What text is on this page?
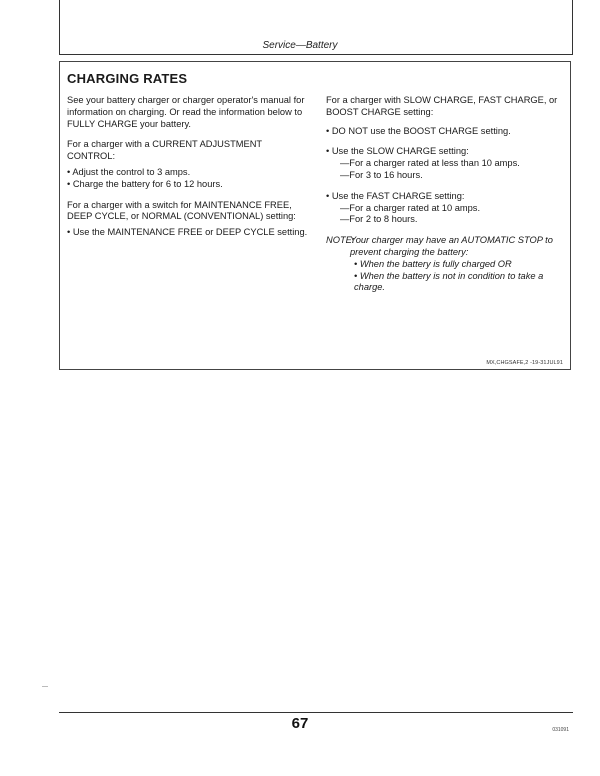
Service—Battery
CHARGING RATES

See your battery charger or charger operator's manual for information on charging. Or read the information below to FULLY CHARGE your battery.

For a charger with a CURRENT ADJUSTMENT CONTROL:

• Adjust the control to 3 amps.
• Charge the battery for 6 to 12 hours.

For a charger with a switch for MAINTENANCE FREE, DEEP CYCLE, or NORMAL (CONVENTIONAL) setting:

• Use the MAINTENANCE FREE or DEEP CYCLE setting.

For a charger with SLOW CHARGE, FAST CHARGE, or BOOST CHARGE setting:

• DO NOT use the BOOST CHARGE setting.
• Use the SLOW CHARGE setting:
—For a charger rated at less than 10 amps.
—For 3 to 16 hours.
• Use the FAST CHARGE setting:
—For a charger rated at 10 amps.
—For 2 to 8 hours.
NOTE:
Your charger may have an AUTOMATIC STOP to prevent charging the battery:
• When the battery is fully charged OR
• When the battery is not in condition to take a charge.
MX,CHGSAFE,2 -19-31JUL91
67	031091
